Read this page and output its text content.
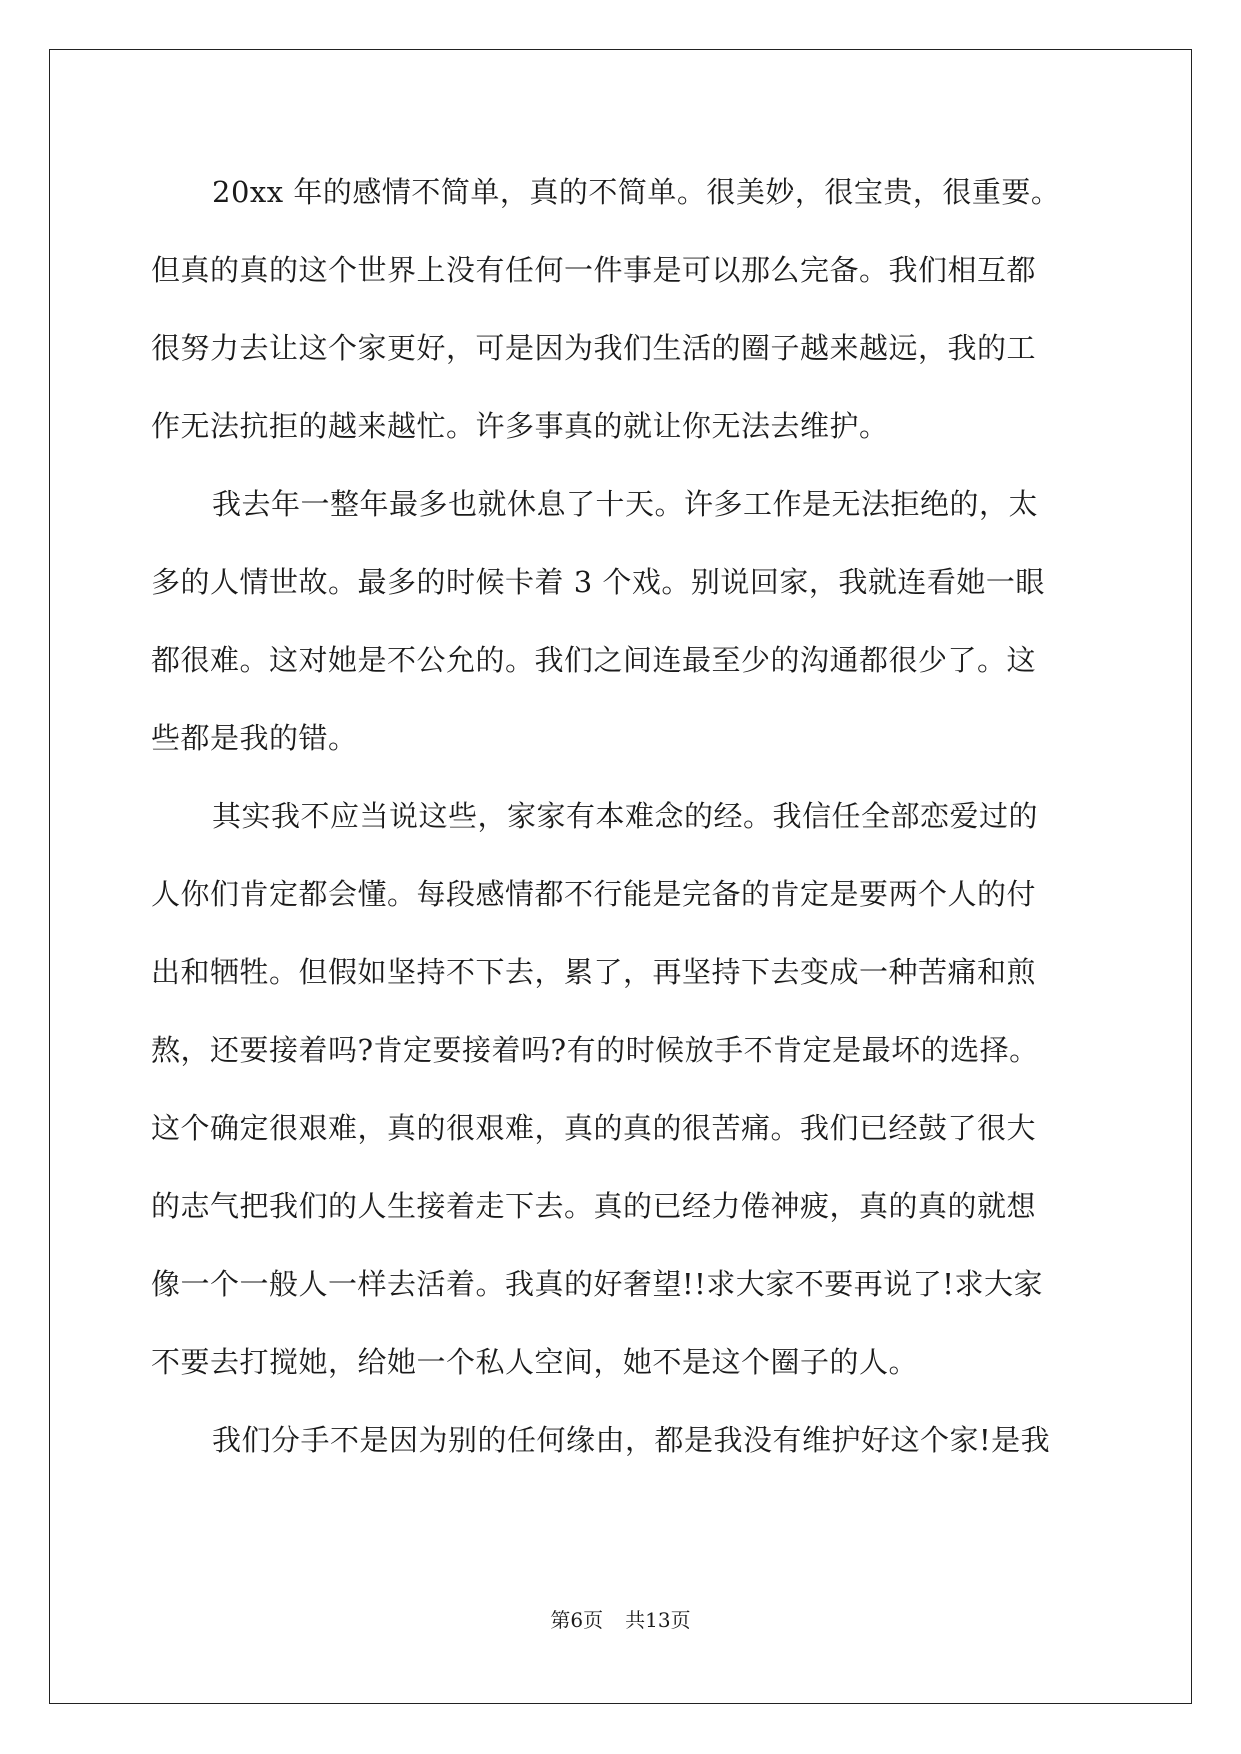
20xx 年的感情不简单，真的不简单。很美妙，很宝贵，很重要。
但真的真的这个世界上没有任何一件事是可以那么完备。我们相互都
很努力去让这个家更好，可是因为我们生活的圈子越来越远，我的工
作无法抗拒的越来越忙。许多事真的就让你无法去维护。
我去年一整年最多也就休息了十天。许多工作是无法拒绝的，太
多的人情世故。最多的时候卡着 3 个戏。别说回家，我就连看她一眼
都很难。这对她是不公允的。我们之间连最至少的沟通都很少了。这
些都是我的错。
其实我不应当说这些，家家有本难念的经。我信任全部恋爱过的
人你们肯定都会懂。每段感情都不行能是完备的肯定是要两个人的付
出和牺牲。但假如坚持不下去，累了，再坚持下去变成一种苦痛和煎
熬，还要接着吗?肯定要接着吗?有的时候放手不肯定是最坏的选择。
这个确定很艰难，真的很艰难，真的真的很苦痛。我们已经鼓了很大
的志气把我们的人生接着走下去。真的已经力倦神疲，真的真的就想
像一个一般人一样去活着。我真的好奢望!!求大家不要再说了!求大家
不要去打搅她，给她一个私人空间，她不是这个圈子的人。
我们分手不是因为别的任何缘由，都是我没有维护好这个家!是我
第6页 共13页
